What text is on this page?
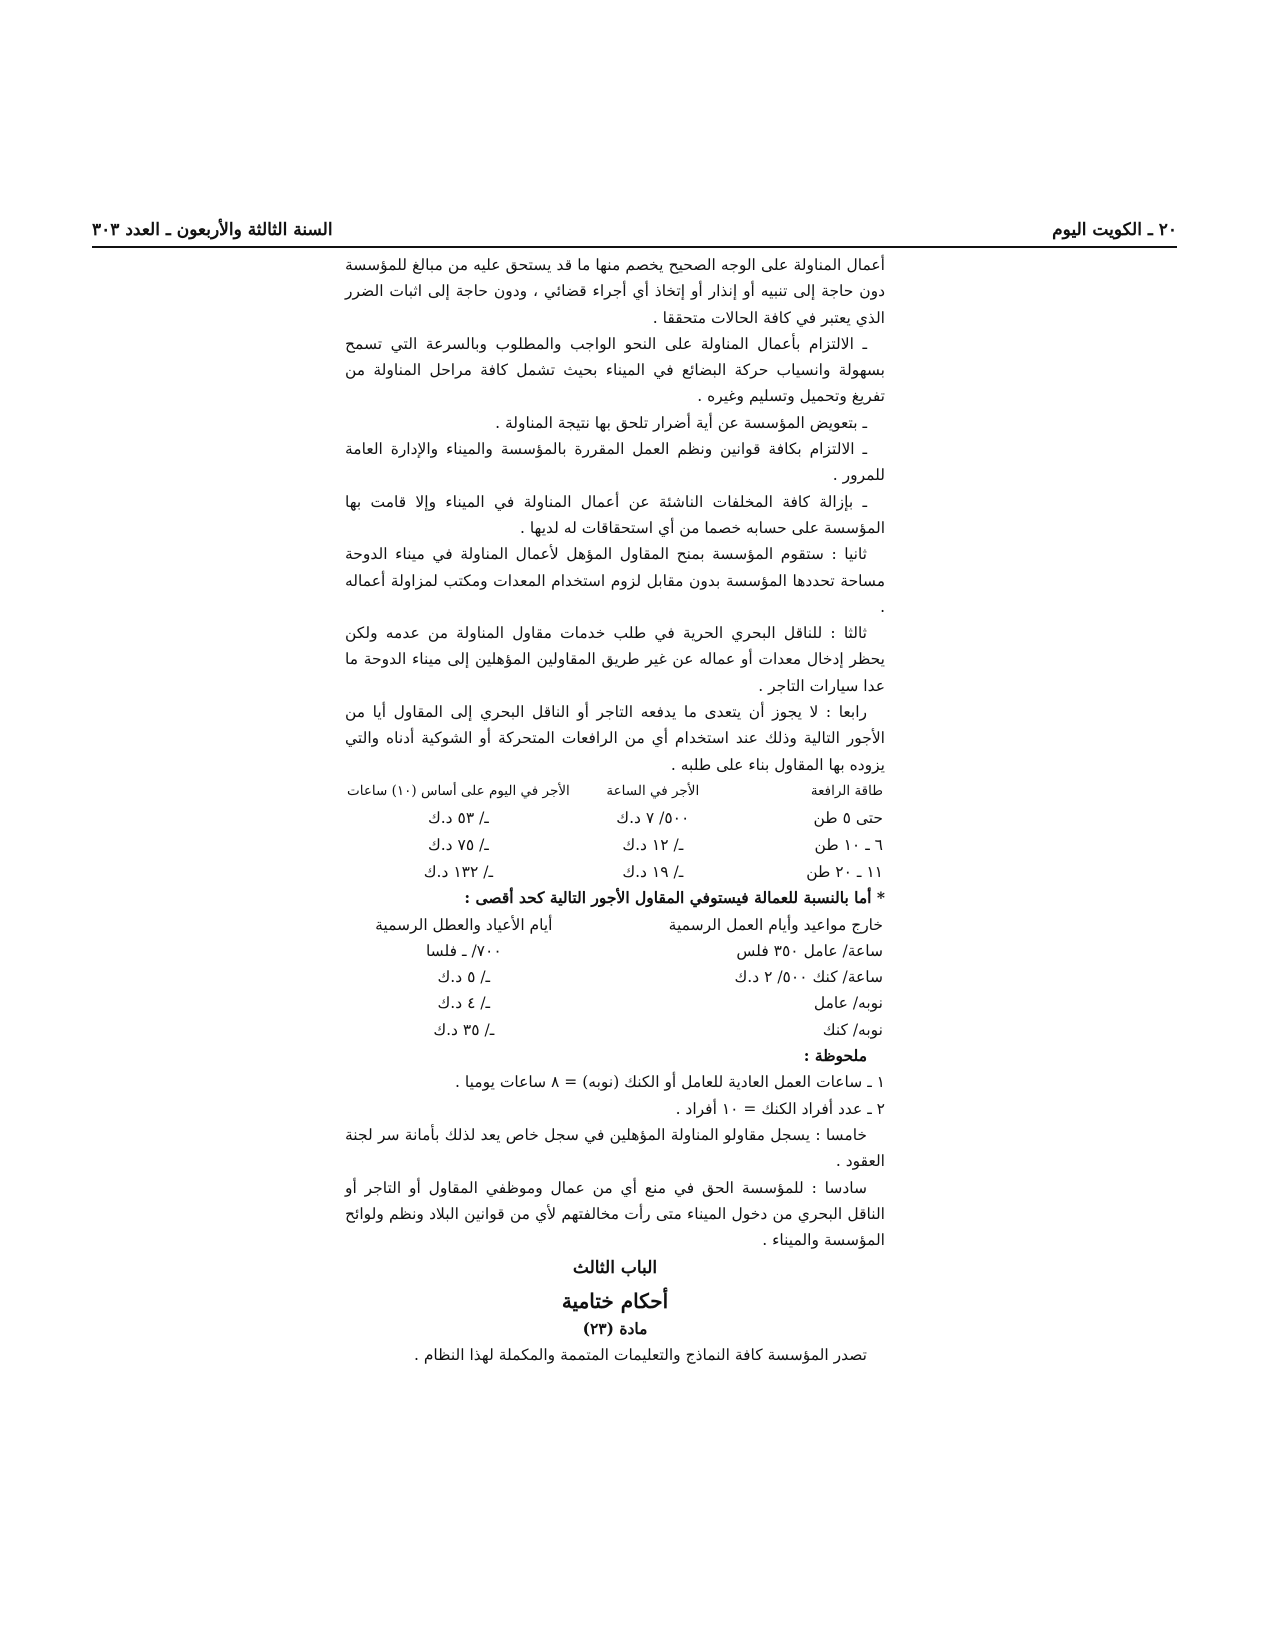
٢٠ ـ الكويت اليوم
السنة الثالثة والأربعون ـ العدد ٣٠٣

أعمال المناولة على الوجه الصحيح يخصم منها ما قد يستحق عليه من مبالغ للمؤسسة دون حاجة إلى تنبيه أو إنذار أو إتخاذ أي أجراء قضائي ، ودون حاجة إلى اثبات الضرر الذي يعتبر في كافة الحالات متحققا .

ـ الالتزام بأعمال المناولة على النحو الواجب والمطلوب وبالسرعة التي تسمح بسهولة وانسياب حركة البضائع في الميناء بحيث تشمل كافة مراحل المناولة من تفريغ وتحميل وتسليم وغيره .

ـ بتعويض المؤسسة عن أية أضرار تلحق بها نتيجة المناولة .

ـ الالتزام بكافة قوانين ونظم العمل المقررة بالمؤسسة والميناء والإدارة العامة للمرور .

ـ بإزالة كافة المخلفات الناشئة عن أعمال المناولة في الميناء وإلا قامت بها المؤسسة على حسابه خصما من أي استحقاقات له لديها .

ثانيا : ستقوم المؤسسة بمنح المقاول المؤهل لأعمال المناولة في ميناء الدوحة مساحة تحددها المؤسسة بدون مقابل لزوم استخدام المعدات ومكتب لمزاولة أعماله .

ثالثا : للناقل البحري الحرية في طلب خدمات مقاول المناولة من عدمه ولكن يحظر إدخال معدات أو عماله عن غير طريق المقاولين المؤهلين إلى ميناء الدوحة ما عدا سيارات التاجر .

رابعا : لا يجوز أن يتعدى ما يدفعه التاجر أو الناقل البحري إلى المقاول أيا من الأجور التالية وذلك عند استخدام أي من الرافعات المتحركة أو الشوكية أدناه والتي يزوده بها المقاول بناء على طلبه .

طاقة الرافعة	الأجر في الساعة	الأجر في اليوم على أساس (١٠) ساعات
حتى ٥ طن	٥٠٠/ ٧ د.ك	ـ/ ٥٣ د.ك
٦ ـ ١٠ طن	ـ/ ١٢ د.ك	ـ/ ٧٥ د.ك
١١ ـ ٢٠ طن	ـ/ ١٩ د.ك	ـ/ ١٣٢ د.ك

* أما بالنسبة للعمالة فيستوفي المقاول الأجور التالية كحد أقصى :

خارج مواعيد وأيام العمل الرسمية	أيام الأعياد والعطل الرسمية
ساعة/ عامل ٣٥٠ فلس	٧٠٠/ ـ فلسا
ساعة/ كنك ٥٠٠/ ٢ د.ك	ـ/ ٥ د.ك
نوبه/ عامل	ـ/ ٤ د.ك
نوبه/ كنك	ـ/ ٣٥ د.ك

ملحوظة :

١ ـ ساعات العمل العادية للعامل أو الكنك (نوبه) = ٨ ساعات يوميا .

٢ ـ عدد أفراد الكنك = ١٠ أفراد .

خامسا : يسجل مقاولو المناولة المؤهلين في سجل خاص يعد لذلك بأمانة سر لجنة العقود .

سادسا : للمؤسسة الحق في منع أي من عمال وموظفي المقاول أو التاجر أو الناقل البحري من دخول الميناء متى رأت مخالفتهم لأي من قوانين البلاد ونظم ولوائح المؤسسة والميناء .

الباب الثالث
أحكام ختامية
مادة (٢٣)

تصدر المؤسسة كافة النماذج والتعليمات المتممة والمكملة لهذا النظام .
